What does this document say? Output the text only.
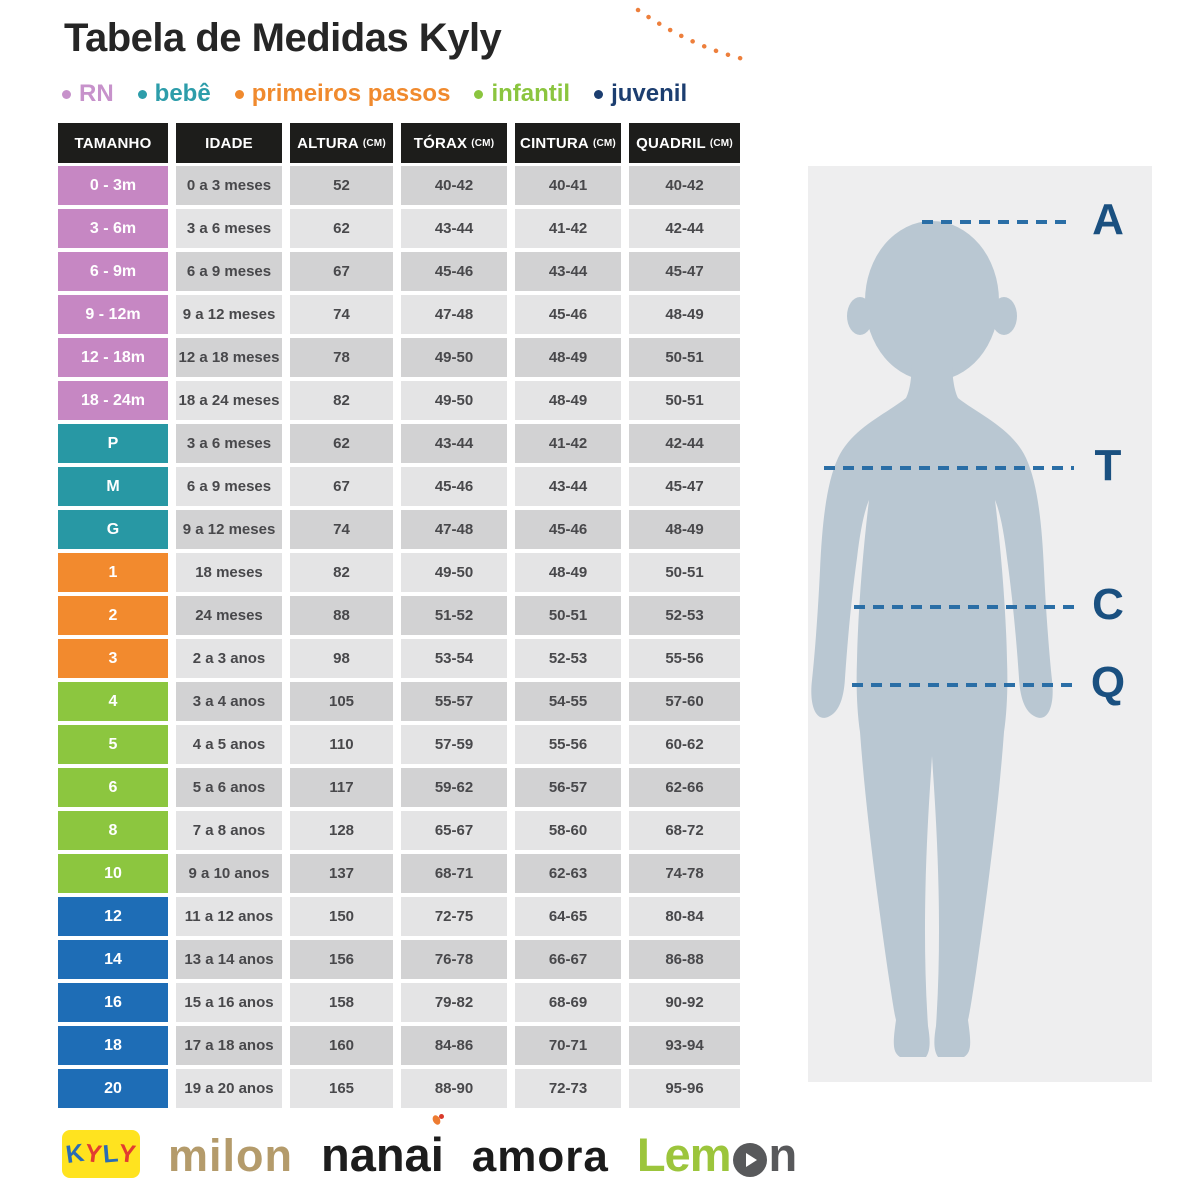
Tabela de Medidas Kyly
RN bebê primeiros passos infantil juvenil
TAMANHO	IDADE	ALTURA (CM)	TÓRAX (CM)	CINTURA (CM)	QUADRIL (CM)
0 - 3m	0 a 3 meses	52	40-42	40-41	40-42
3 - 6m	3 a 6 meses	62	43-44	41-42	42-44
6 - 9m	6 a 9 meses	67	45-46	43-44	45-47
9 - 12m	9 a 12 meses	74	47-48	45-46	48-49
12 - 18m	12 a 18 meses	78	49-50	48-49	50-51
18 - 24m	18 a 24 meses	82	49-50	48-49	50-51
P	3 a 6 meses	62	43-44	41-42	42-44
M	6 a 9 meses	67	45-46	43-44	45-47
G	9 a 12 meses	74	47-48	45-46	48-49
1	18 meses	82	49-50	48-49	50-51
2	24 meses	88	51-52	50-51	52-53
3	2 a 3 anos	98	53-54	52-53	55-56
4	3 a 4 anos	105	55-57	54-55	57-60
5	4 a 5 anos	110	57-59	55-56	60-62
6	5 a 6 anos	117	59-62	56-57	62-66
8	7 a 8 anos	128	65-67	58-60	68-72
10	9 a 10 anos	137	68-71	62-63	74-78
12	11 a 12 anos	150	72-75	64-65	80-84
14	13 a 14 anos	156	76-78	66-67	86-88
16	15 a 16 anos	158	79-82	68-69	90-92
18	17 a 18 anos	160	84-86	70-71	93-94
20	19 a 20 anos	165	88-90	72-73	95-96
A
T
C
Q
K
Y
L
Y milon nanai amora Lem n
